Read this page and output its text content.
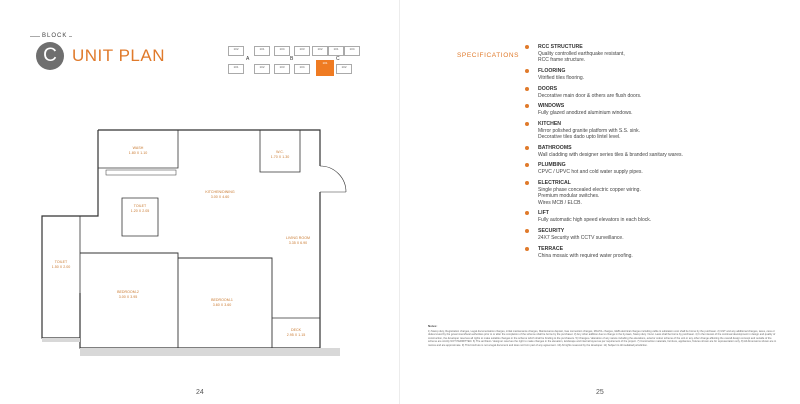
BLOCK
C UNIT PLAN	102	101	104	103	102	101	104
101	102	103	104
101
102
A	B	C
WASH
1.80 X 1.10	W.C.
1.70 X 1.30
TOILET
1.20 X 2.05
KITCHEN/DINING
3.00 X 4.60
LIVING ROOM
3.35 X 6.90
TOILET
1.50 X 2.00
BEDROOM-2
3.00 X 3.95
BEDROOM-1
3.60 X 3.60
DECK
2.95 X 1.15
24
SPECIFICATIONS
RCC STRUCTURE
Quality controlled earthquake resistant,
RCC frame structure.
FLOORING
Vitrified tiles flooring.
DOORS
Decorative main door & others are flush doors.
WINDOWS
Fully glazed anodized aluminium windows.
KITCHEN
Mirror polished granite platform with S.S. sink.
Decorative tiles dado upto lintel level.
BATHROOMS
Wall cladding with designer series tiles & branded sanitary wares.
PLUMBING
CPVC / UPVC hot and cold water supply pipes.
ELECTRICAL
Single phase concealed electric copper wiring.
Premium modular switches.
Wires MCB / ELCB.
LIFT
Fully automatic high speed elevators in each block.
SECURITY
24X7 Security with CCTV surveillance.
TERRACE
China mosaic with required water proofing.
Notes:
1) Stamp duty, Registration charges, Legal documentation charges, initial maintenance charges, Maintenance deposit, Gas connection charges, MGVCL charges, GEB electrical charges including cable & substation cost shall be borne by the purchaser. 2) GST and any additional charges, taxes, cess or duties levied by the government/local authorities prior to or after the completion of the scheme shall be borne by the purchaser. 3) Any other addition due to change in the by-laws, Stamp duty / Govt. Laws shall be borne by purchaser. 4) In the interest of the continual development in design and quality of construction, the developer reserves all rights to make suitable changes in the scheme which shall be binding to the purchasers. 5) Changes / alteration of any nature including the elevations, exterior colour scheme of the unit or any other change affecting the overall design concept and outside of the scheme are strictly NOT PERMITTED. 6) The architect / designer reserves the right to make changes in the elevation, landscape and internal layout as per requirement of the project. 7) Construction materials, furniture, appliances, fixtures shown are for representation only. 8) All dimensions shown are in metres and are approximate. 9) This brochure is not a legal document and does not form part of any agreement. 10) All rights reserved by the developer. 11) Subject to Ahmedabad jurisdiction.
25
